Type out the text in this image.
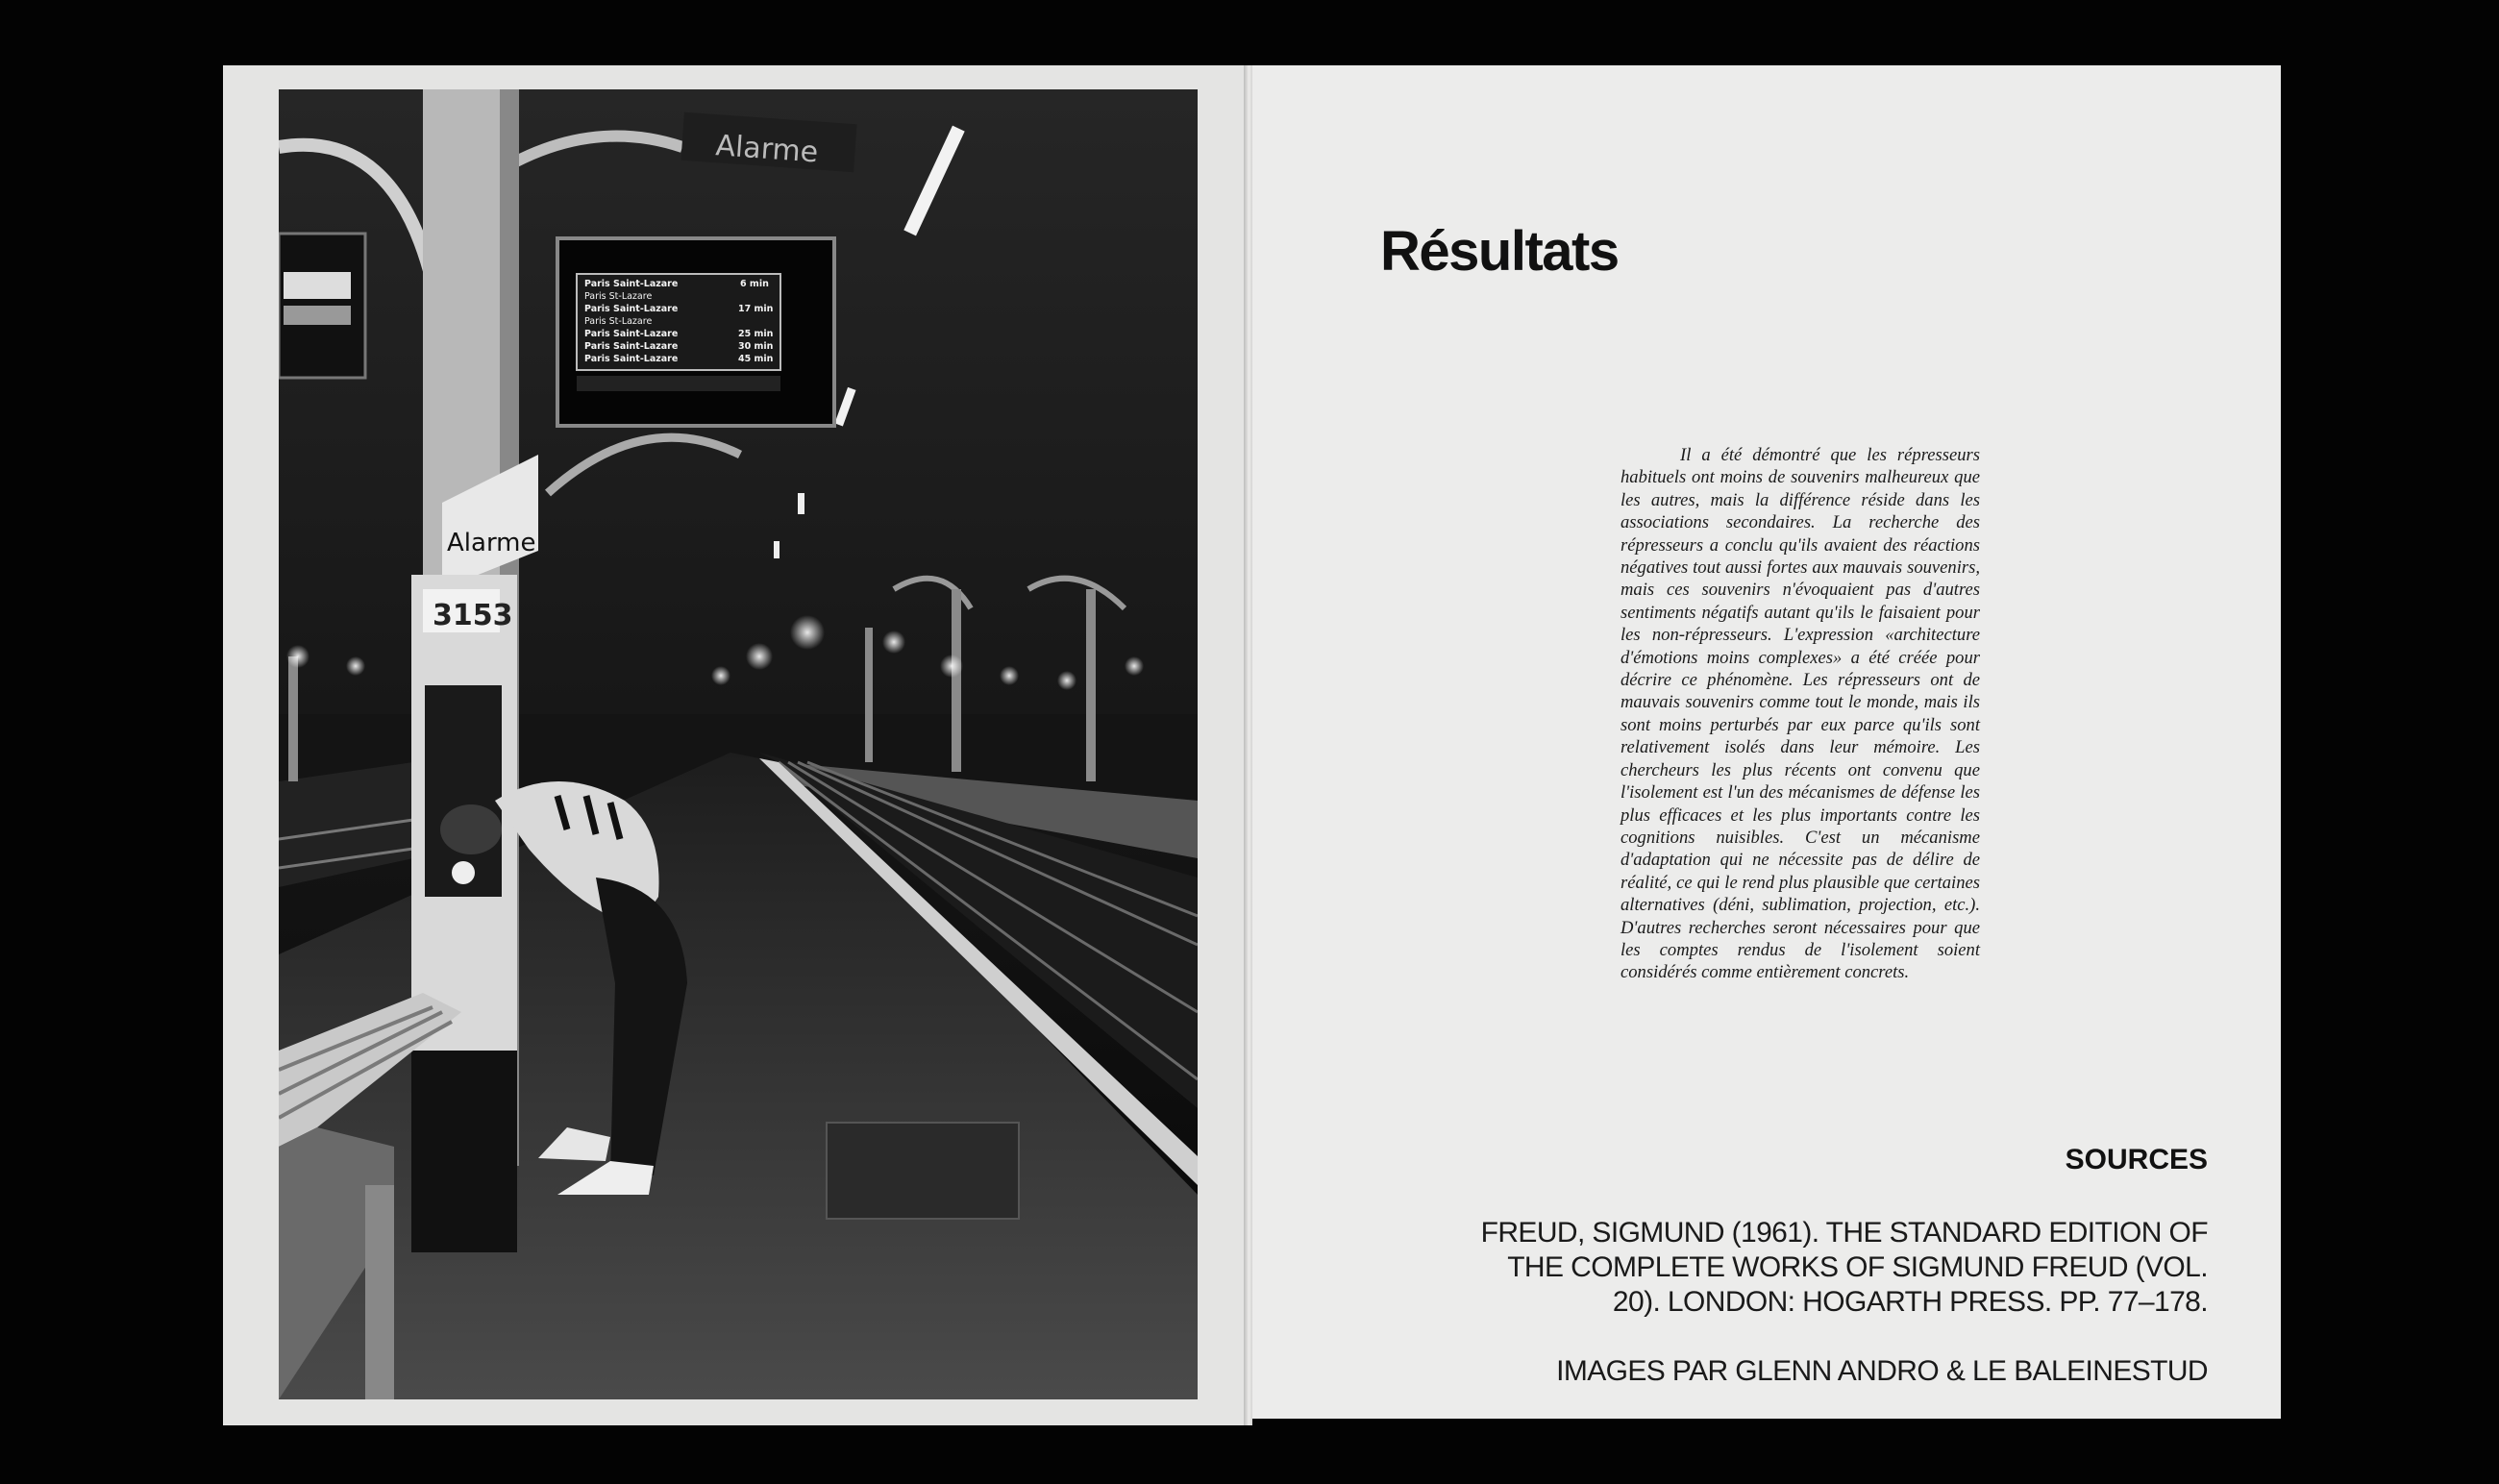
Paris Saint-Lazare	6 min
Paris St-Lazare
Paris Saint-Lazare	17 min
Paris St-Lazare
Paris Saint-Lazare	25 min
Paris Saint-Lazare	30 min
Paris Saint-Lazare	45 min
Alarme
Alarme
3153
Résultats

Il a été démontré que les répresseurs habituels ont moins de souvenirs malheureux que les autres, mais la différence réside dans les associations secondaires. La recherche des répresseurs a conclu qu'ils avaient des réactions négatives tout aussi fortes aux mauvais souvenirs, mais ces souvenirs n'évoquaient pas d'autres sentiments négatifs autant qu'ils le faisaient pour les non-répresseurs. L'expression «architecture d'émotions moins complexes» a été créée pour décrire ce phénomène. Les répresseurs ont de mauvais souvenirs comme tout le monde, mais ils sont moins perturbés par eux parce qu'ils sont relativement isolés dans leur mémoire. Les chercheurs les plus récents ont convenu que l'isolement est l'un des mécanismes de défense les plus efficaces et les plus importants contre les cognitions nuisibles. C'est un mécanisme d'adaptation qui ne nécessite pas de délire de réalité, ce qui le rend plus plausible que certaines alternatives (déni, sublimation, projection, etc.). D'autres recherches seront nécessaires pour que les comptes rendus de l'isolement soient considérés comme entièrement concrets.

SOURCES

FREUD, SIGMUND (1961). THE STANDARD EDITION OF THE COMPLETE WORKS OF SIGMUND FREUD (VOL. 20). LONDON: HOGARTH PRESS. PP. 77–178.

IMAGES PAR GLENN ANDRO & LE BALEINESTUD
